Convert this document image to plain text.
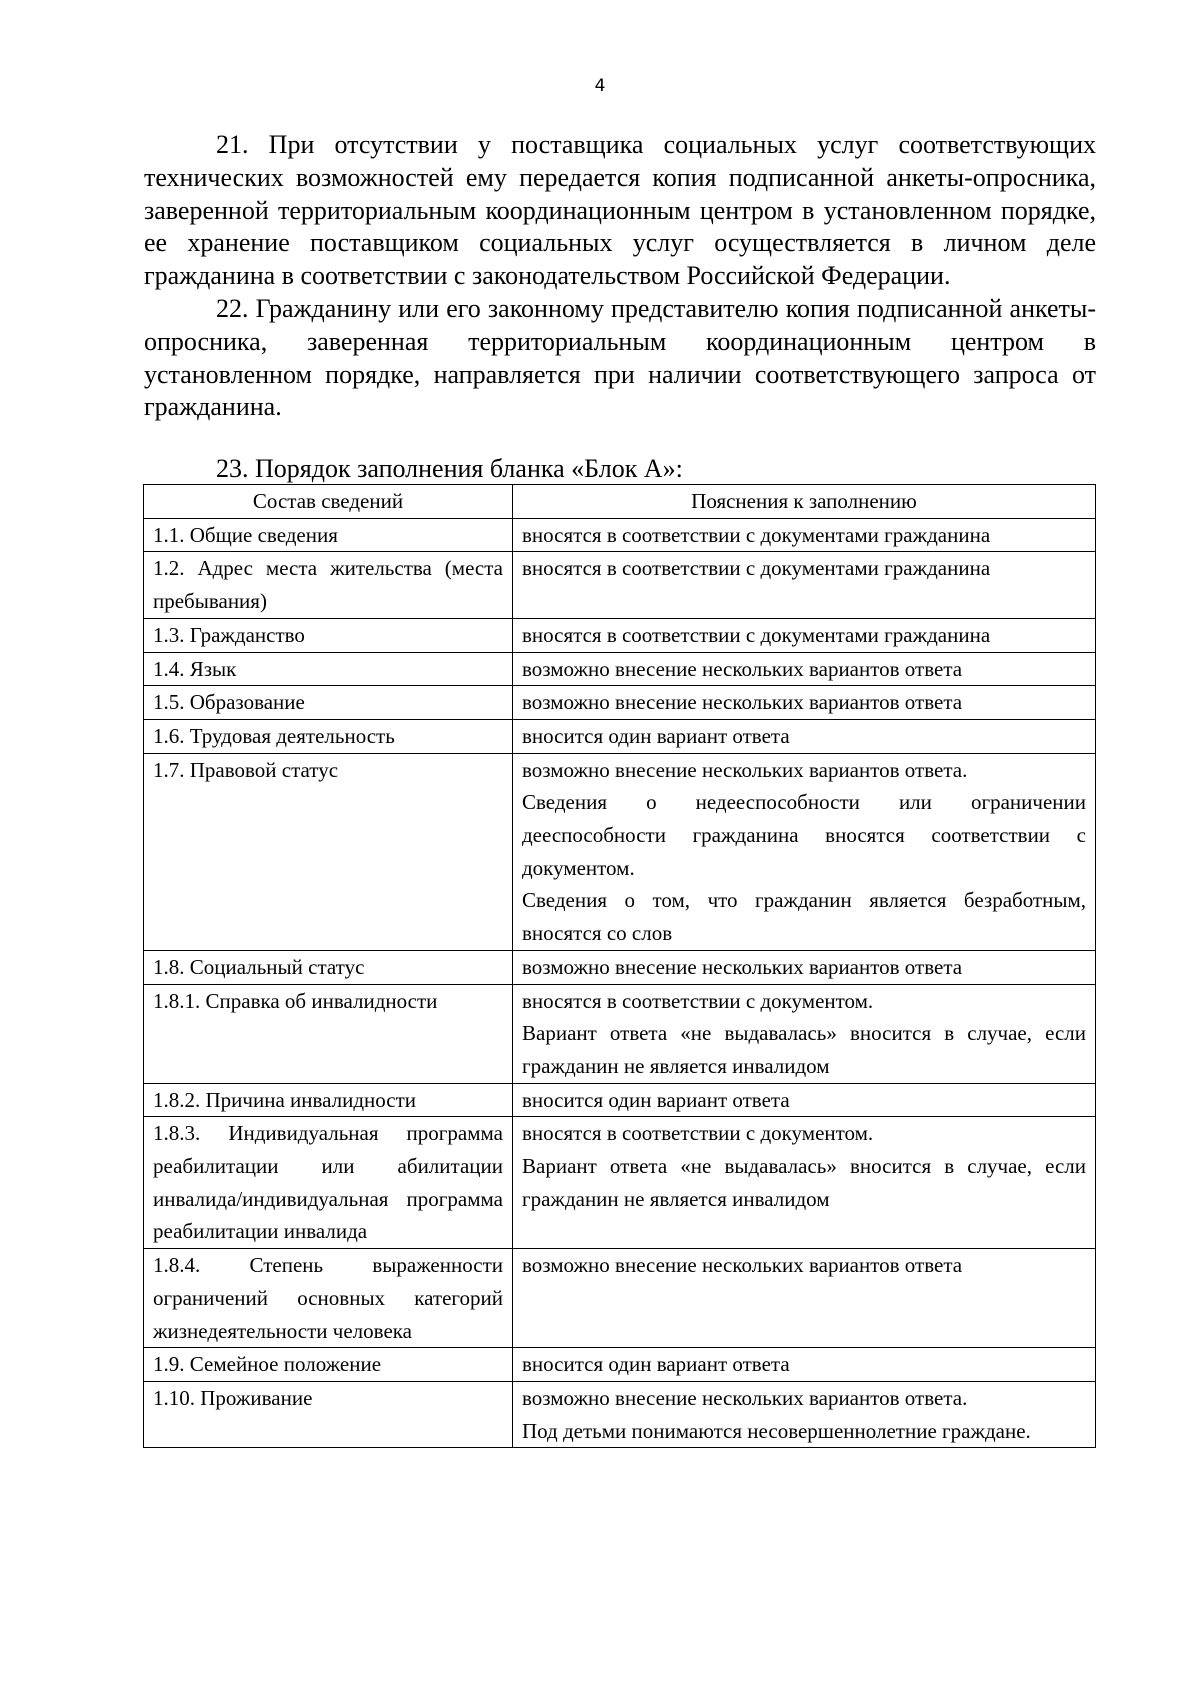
4

21. При отсутствии у поставщика социальных услуг соответствующих технических возможностей ему передается копия подписанной анкеты-опросника, заверенной территориальным координационным центром в установленном порядке, ее хранение поставщиком социальных услуг осуществляется в личном деле гражданина в соответствии с законодательством Российской Федерации.

22. Гражданину или его законному представителю копия подписанной анкеты-опросника, заверенная территориальным координационным центром в установленном порядке, направляется при наличии соответствующего запроса от гражданина.

23. Порядок заполнения бланка «Блок А»:
Состав сведений	Пояснения к заполнению
1.1. Общие сведения	вносятся в соответствии с документами гражданина

1.2. Адрес места жительства (места пребывания)	вносятся в соответствии с документами гражданина

1.3. Гражданство	вносятся в соответствии с документами гражданина

1.4. Язык	возможно внесение нескольких вариантов ответа

1.5. Образование	возможно внесение нескольких вариантов ответа

1.6. Трудовая деятельность	вносится один вариант ответа

1.7. Правовой статус	возможно внесение нескольких вариантов ответа.
Сведения о недееспособности или ограничении дееспособности гражданина вносятся соответствии с документом.
Сведения о том, что гражданин является безработным, вносятся со слов

1.8. Социальный статус	возможно внесение нескольких вариантов ответа

1.8.1. Справка об инвалидности	вносятся в соответствии с документом.
Вариант ответа «не выдавалась» вносится в случае, если гражданин не является инвалидом

1.8.2. Причина инвалидности	вносится один вариант ответа

1.8.3. Индивидуальная программа реабилитации или абилитации инвалида/индивидуальная программа реабилитации инвалида	вносятся в соответствии с документом.
Вариант ответа «не выдавалась» вносится в случае, если гражданин не является инвалидом

1.8.4. Степень выраженности ограничений основных категорий жизнедеятельности человека	возможно внесение нескольких вариантов ответа

1.9. Семейное положение	вносится один вариант ответа

1.10. Проживание	возможно внесение нескольких вариантов ответа.
Под детьми понимаются несовершеннолетние граждане.
